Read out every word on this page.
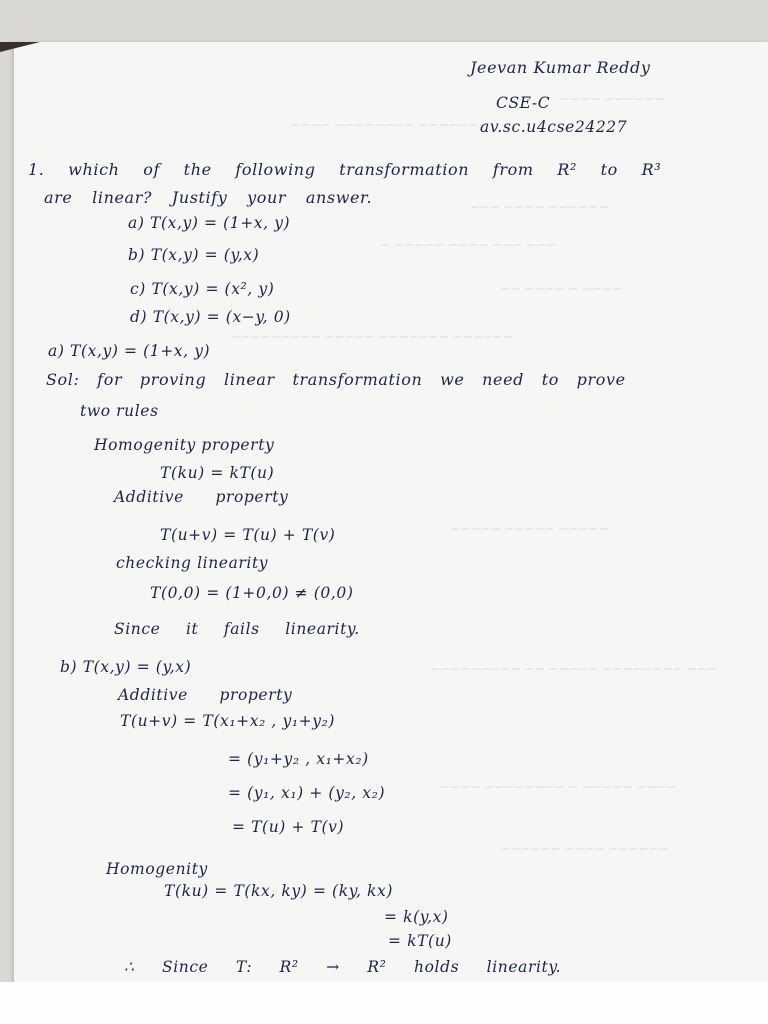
~~~~~~ ~~~~
~~~~~~~ ~~~~~~~~ ~~~~
~~~~~~ ~~~~ ~~~
~~~ ~~~ ~~~~ ~~~~~ ~
~~~~ ~ ~~~~ ~~
~~~~~~ ~~~~~~~ ~~~~~ ~~~~~~~~~
~~~~~ ~~~~~ ~~~~~
~~~ ~~~~~~~~ ~~~~~ ~~ ~~~~~~~~~
~~~~ ~~~~~ ~ ~~~~~~~~ ~~~~
~~~~~~ ~~~~ ~~~~~~
Jeevan Kumar Reddy
CSE-C
av.sc.u4cse24227
1. which of the following transformation from R² to R³
are linear? Justify your answer.
a) T(x,y) = (1+x, y)
b) T(x,y) = (y,x)
c) T(x,y) = (x², y)
d) T(x,y) = (x−y, 0)
a) T(x,y) = (1+x, y)
Sol: for proving linear transformation we need to prove
two rules
Homogenity property
T(ku) = kT(u)
Additive property
T(u+v) = T(u) + T(v)
checking linearity
T(0,0) = (1+0,0) ≠ (0,0)
Since it fails linearity.
b) T(x,y) = (y,x)
Additive property
T(u+v) = T(x₁+x₂ , y₁+y₂)
= (y₁+y₂ , x₁+x₂)
= (y₁, x₁) + (y₂, x₂)
= T(u) + T(v)
Homogenity
T(ku) = T(kx, ky) = (ky, kx)
= k(y,x)
= kT(u)
∴ Since T: R² → R² holds linearity.
